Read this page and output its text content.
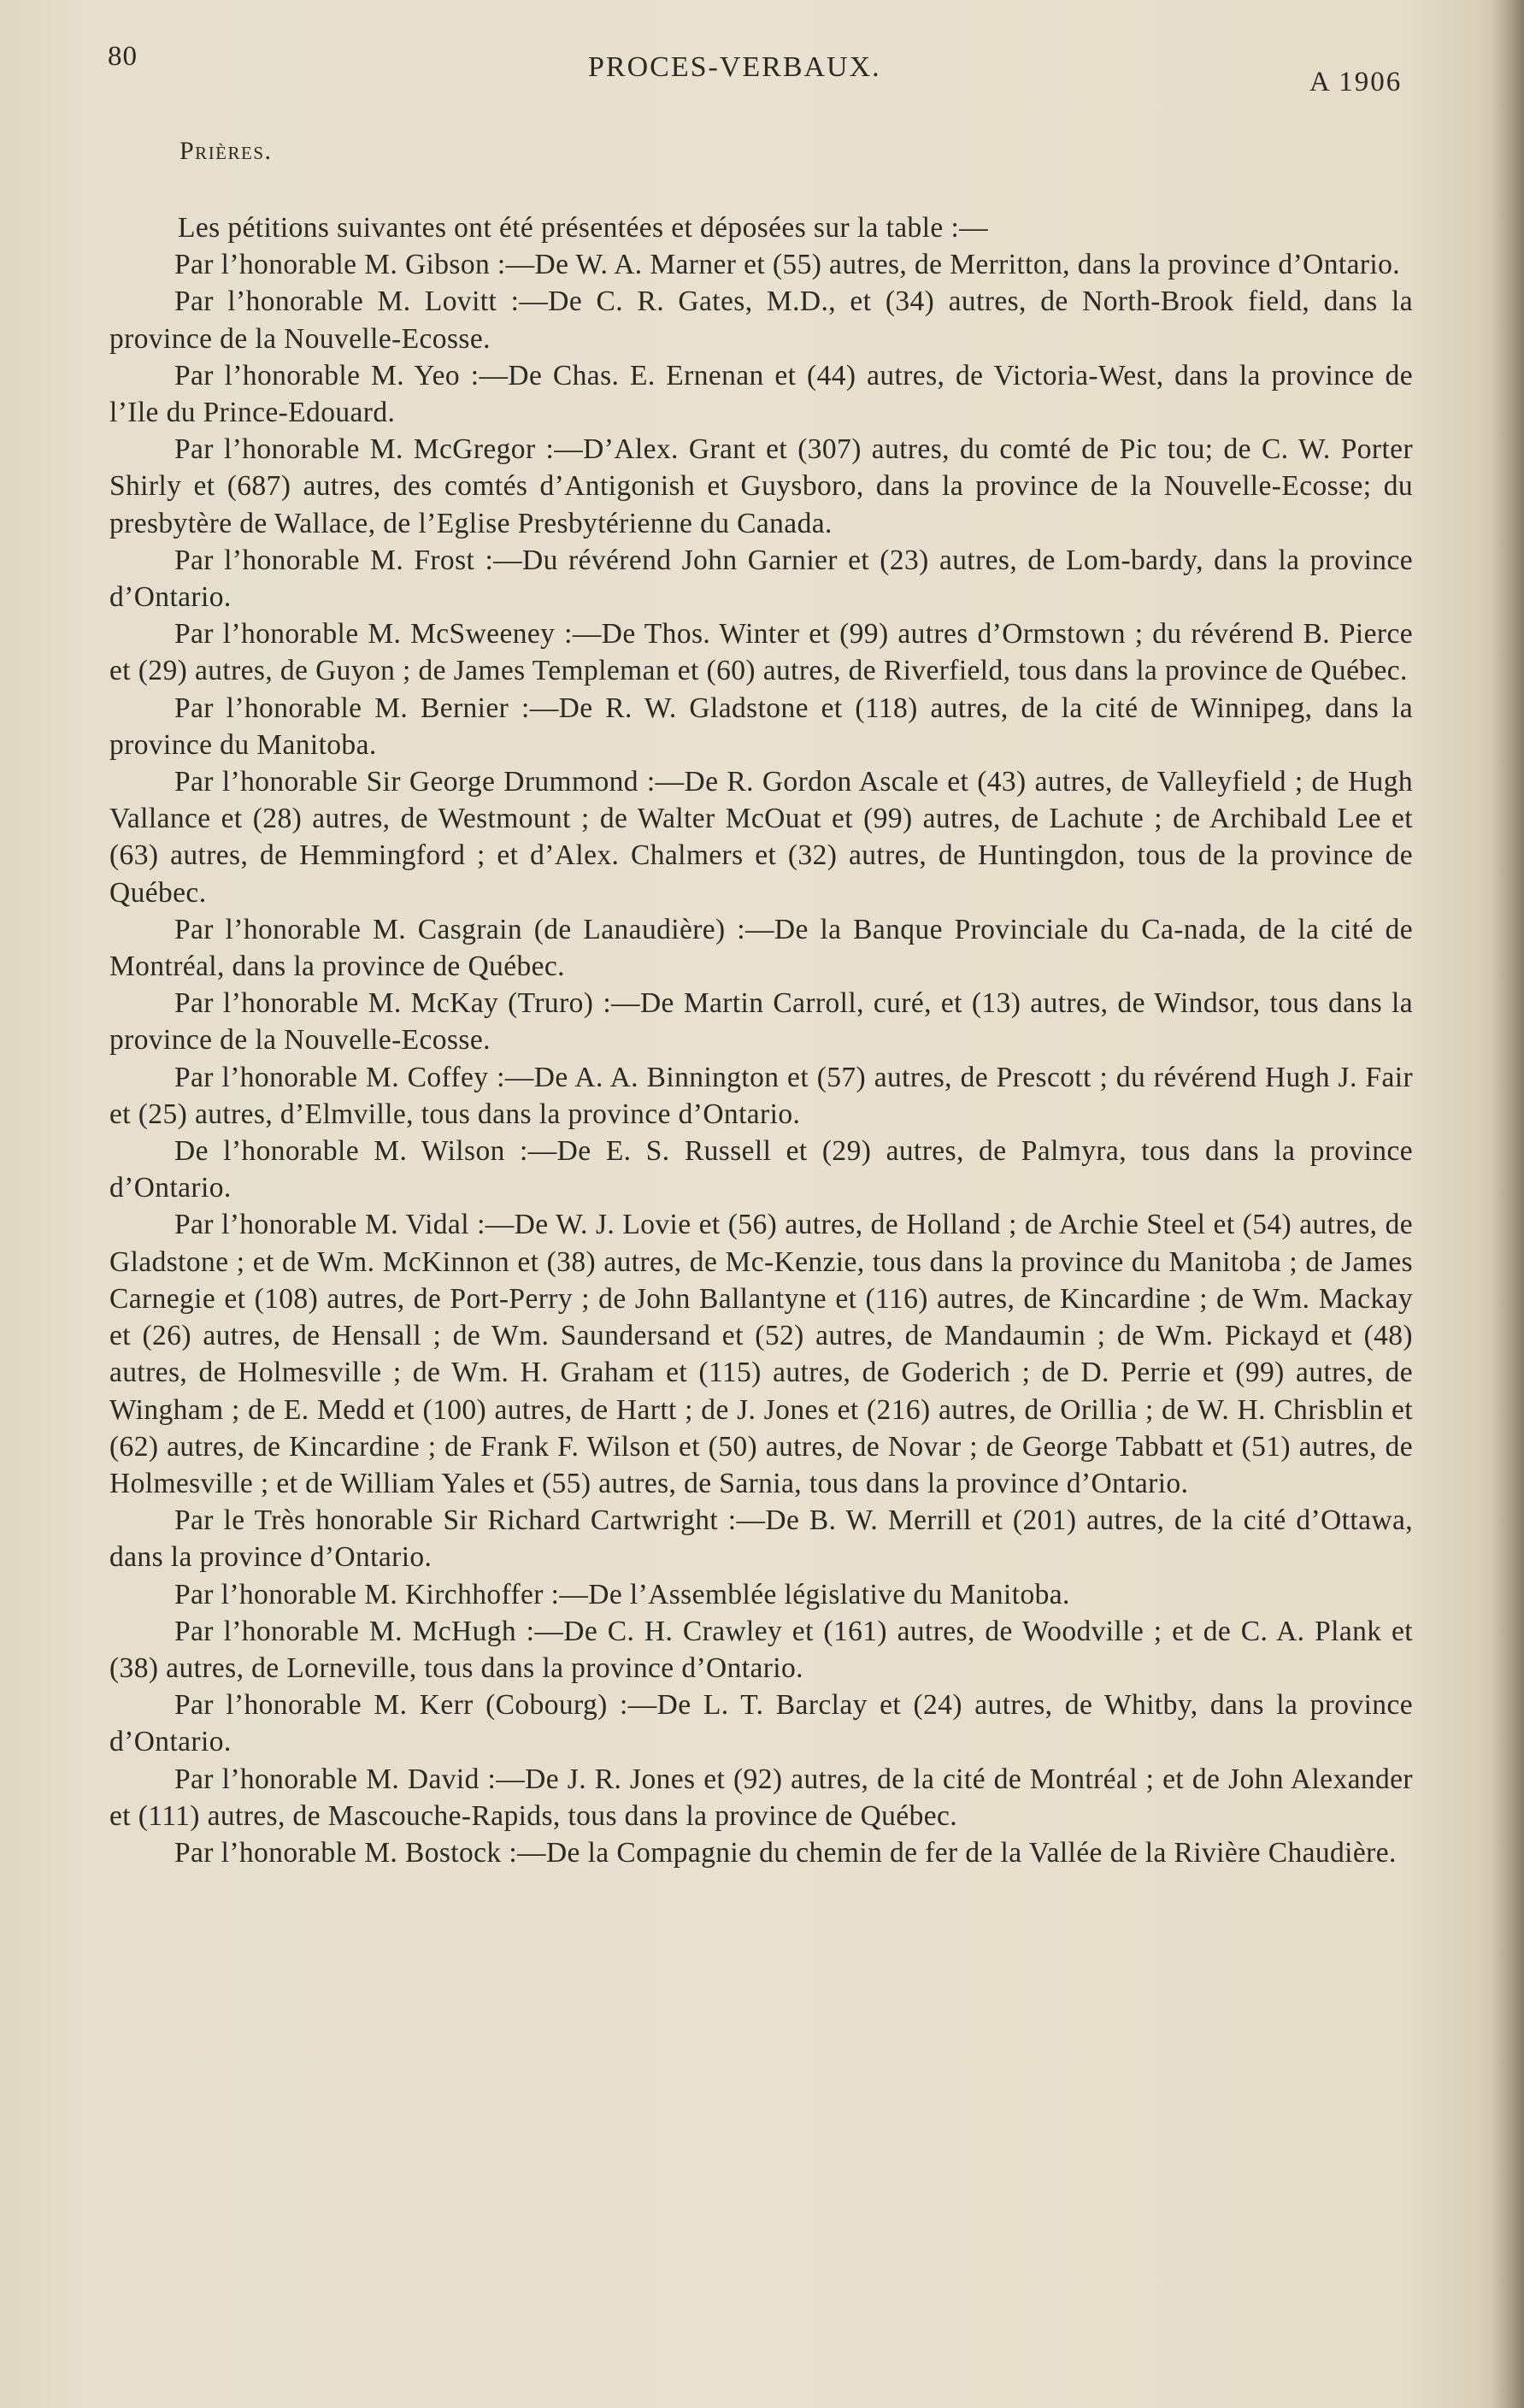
80	PROCES-VERBAUX.	A 1906
Prières.

Les pétitions suivantes ont été présentées et déposées sur la table :—

Par l’honorable M. Gibson :—De W. A. Marner et (55) autres, de Merritton, dans la province d’Ontario.

Par l’honorable M. Lovitt :—De C. R. Gates, M.D., et (34) autres, de North-Brook field, dans la province de la Nouvelle-Ecosse.

Par l’honorable M. Yeo :—De Chas. E. Ernenan et (44) autres, de Victoria-West, dans la province de l’Ile du Prince-Edouard.

Par l’honorable M. McGregor :—D’Alex. Grant et (307) autres, du comté de Pic tou; de C. W. Porter Shirly et (687) autres, des comtés d’Antigonish et Guysboro, dans la province de la Nouvelle-Ecosse; du presbytère de Wallace, de l’Eglise Presbytérienne du Canada.

Par l’honorable M. Frost :—Du révérend John Garnier et (23) autres, de Lom-bardy, dans la province d’Ontario.

Par l’honorable M. McSweeney :—De Thos. Winter et (99) autres d’Ormstown ; du révérend B. Pierce et (29) autres, de Guyon ; de James Templeman et (60) autres, de Riverfield, tous dans la province de Québec.

Par l’honorable M. Bernier :—De R. W. Gladstone et (118) autres, de la cité de Winnipeg, dans la province du Manitoba.

Par l’honorable Sir George Drummond :—De R. Gordon Ascale et (43) autres, de Valleyfield ; de Hugh Vallance et (28) autres, de Westmount ; de Walter McOuat et (99) autres, de Lachute ; de Archibald Lee et (63) autres, de Hemmingford ; et d’Alex. Chalmers et (32) autres, de Huntingdon, tous de la province de Québec.

Par l’honorable M. Casgrain (de Lanaudière) :—De la Banque Provinciale du Ca-nada, de la cité de Montréal, dans la province de Québec.

Par l’honorable M. McKay (Truro) :—De Martin Carroll, curé, et (13) autres, de Windsor, tous dans la province de la Nouvelle-Ecosse.

Par l’honorable M. Coffey :—De A. A. Binnington et (57) autres, de Prescott ; du révérend Hugh J. Fair et (25) autres, d’Elmville, tous dans la province d’Ontario.

De l’honorable M. Wilson :—De E. S. Russell et (29) autres, de Palmyra, tous dans la province d’Ontario.

Par l’honorable M. Vidal :—De W. J. Lovie et (56) autres, de Holland ; de Archie Steel et (54) autres, de Gladstone ; et de Wm. McKinnon et (38) autres, de Mc-Kenzie, tous dans la province du Manitoba ; de James Carnegie et (108) autres, de Port-Perry ; de John Ballantyne et (116) autres, de Kincardine ; de Wm. Mackay et (26) autres, de Hensall ; de Wm. Saundersand et (52) autres, de Mandaumin ; de Wm. Pickayd et (48) autres, de Holmesville ; de Wm. H. Graham et (115) autres, de Goderich ; de D. Perrie et (99) autres, de Wingham ; de E. Medd et (100) autres, de Hartt ; de J. Jones et (216) autres, de Orillia ; de W. H. Chrisblin et (62) autres, de Kincardine ; de Frank F. Wilson et (50) autres, de Novar ; de George Tabbatt et (51) autres, de Holmesville ; et de William Yales et (55) autres, de Sarnia, tous dans la province d’Ontario.

Par le Très honorable Sir Richard Cartwright :—De B. W. Merrill et (201) autres, de la cité d’Ottawa, dans la province d’Ontario.

Par l’honorable M. Kirchhoffer :—De l’Assemblée législative du Manitoba.

Par l’honorable M. McHugh :—De C. H. Crawley et (161) autres, de Woodville ; et de C. A. Plank et (38) autres, de Lorneville, tous dans la province d’Ontario.

Par l’honorable M. Kerr (Cobourg) :—De L. T. Barclay et (24) autres, de Whitby, dans la province d’Ontario.

Par l’honorable M. David :—De J. R. Jones et (92) autres, de la cité de Montréal ; et de John Alexander et (111) autres, de Mascouche-Rapids, tous dans la province de Québec.

Par l’honorable M. Bostock :—De la Compagnie du chemin de fer de la Vallée de la Rivière Chaudière.
